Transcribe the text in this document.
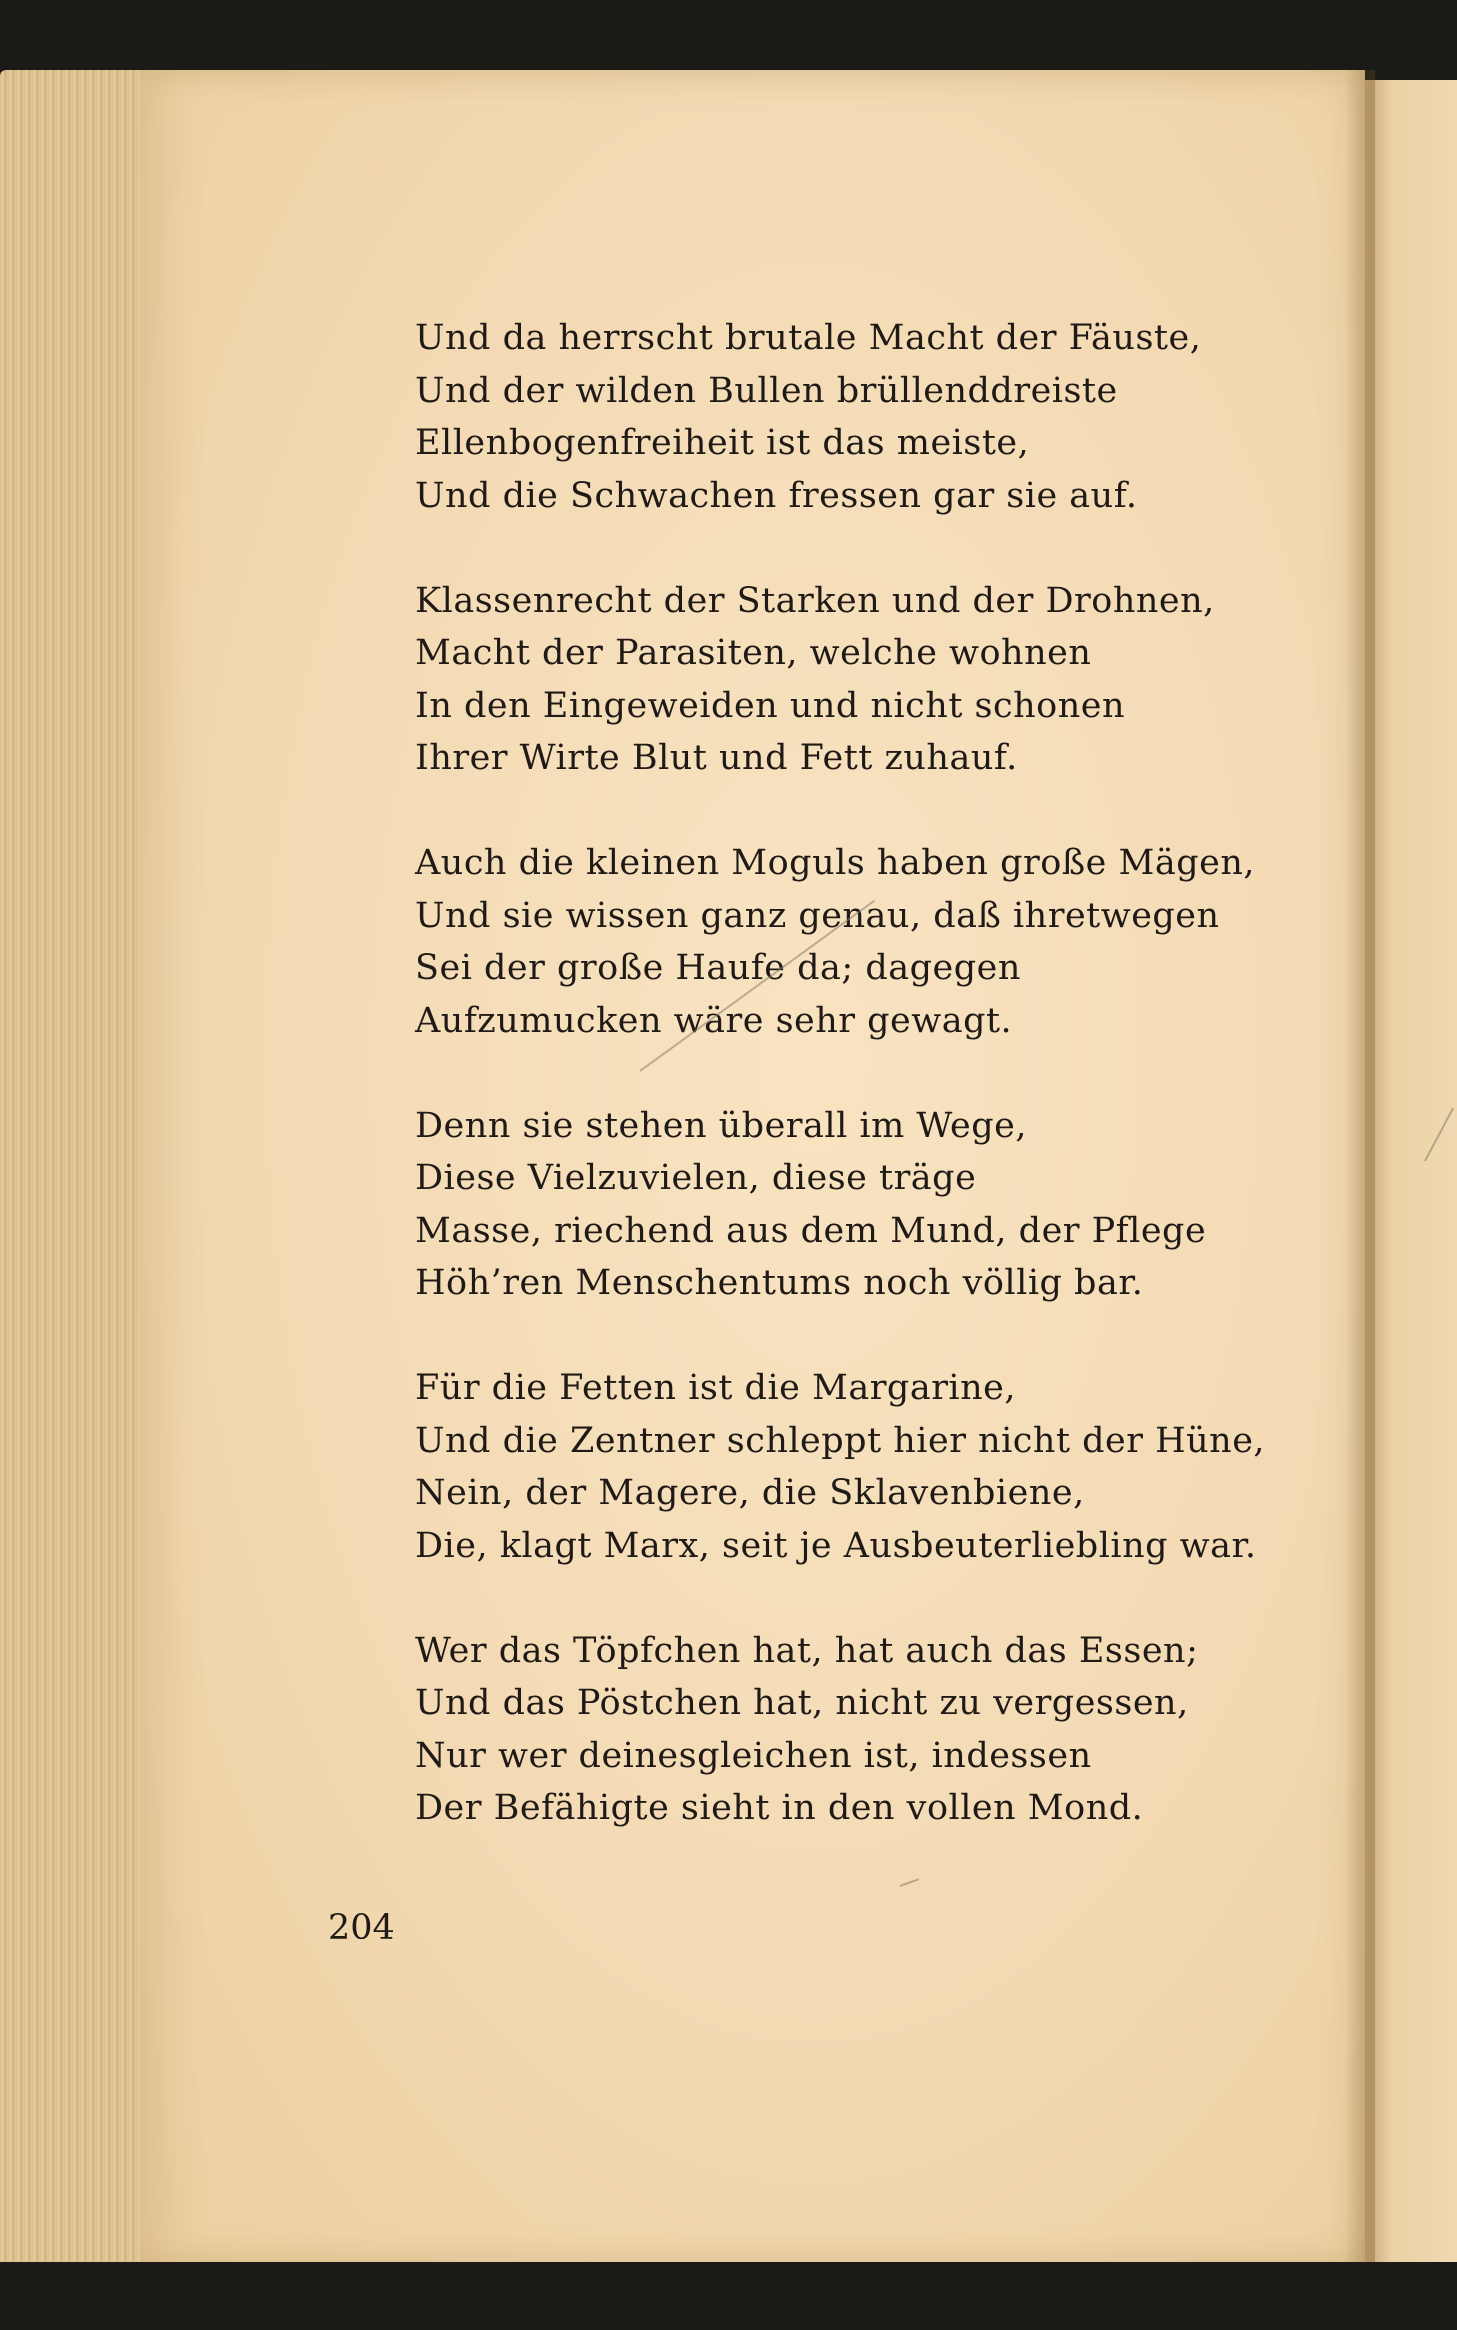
Und da herrscht brutale Macht der Fäuste,
Und der wilden Bullen brüllenddreiste
Ellenbogenfreiheit ist das meiste,
Und die Schwachen fressen gar sie auf.
Klassenrecht der Starken und der Drohnen,
Macht der Parasiten, welche wohnen
In den Eingeweiden und nicht schonen
Ihrer Wirte Blut und Fett zuhauf.
Auch die kleinen Moguls haben große Mägen,
Und sie wissen ganz genau, daß ihretwegen
Sei der große Haufe da; dagegen
Aufzumucken wäre sehr gewagt.
Denn sie stehen überall im Wege,
Diese Vielzuvielen, diese träge
Masse, riechend aus dem Mund, der Pflege
Höh’ren Menschentums noch völlig bar.
Für die Fetten ist die Margarine,
Und die Zentner schleppt hier nicht der Hüne,
Nein, der Magere, die Sklavenbiene,
Die, klagt Marx, seit je Ausbeuterliebling war.
Wer das Töpfchen hat, hat auch das Essen;
Und das Pöstchen hat, nicht zu vergessen,
Nur wer deinesgleichen ist, indessen
Der Befähigte sieht in den vollen Mond.
204
